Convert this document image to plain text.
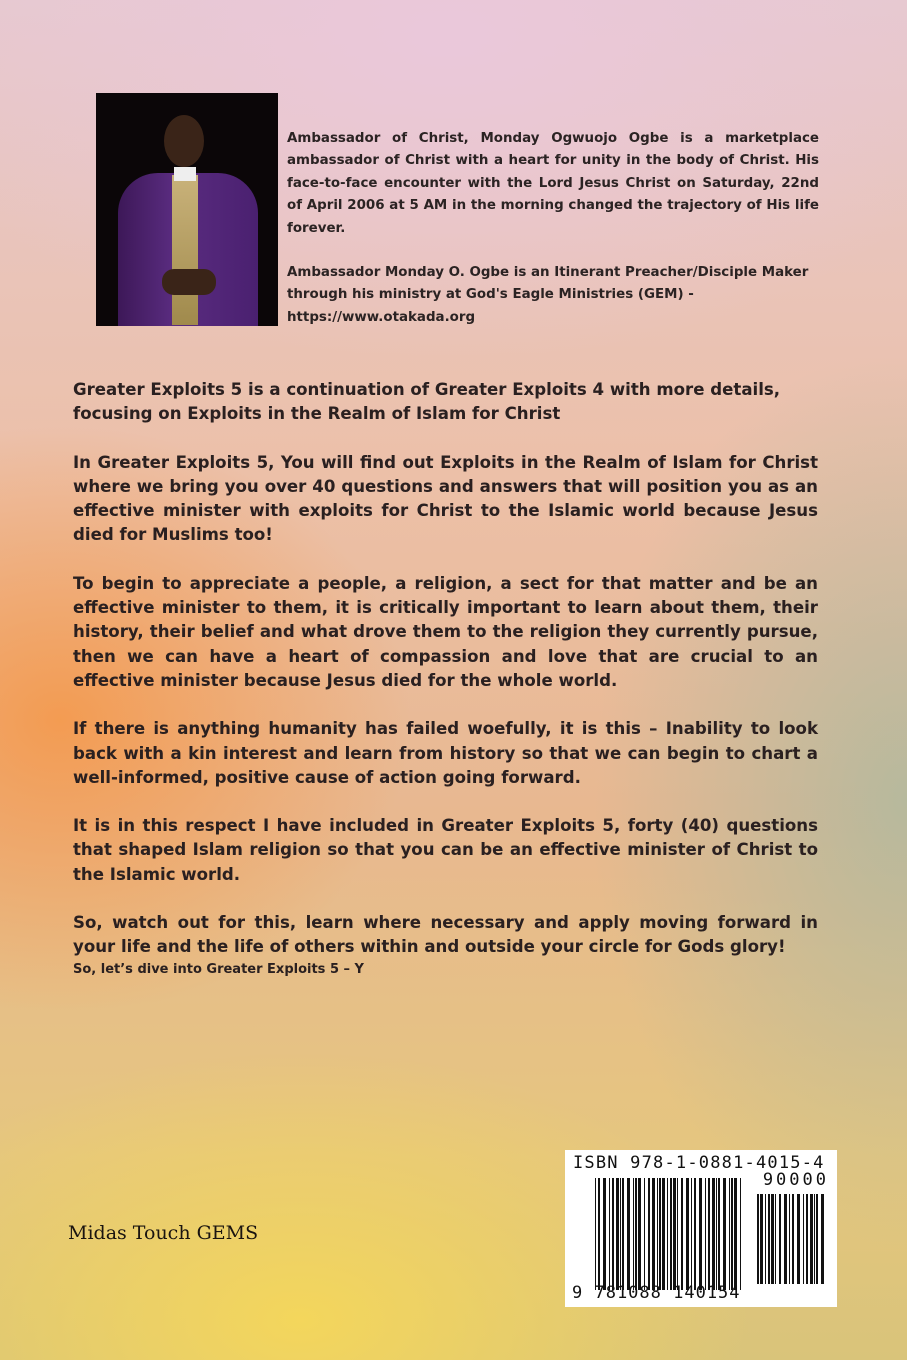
Ambassador of Christ, Monday Ogwuojo Ogbe is a marketplace ambassador of Christ with a heart for unity in the body of Christ. His face-to-face encounter with the Lord Jesus Christ on Saturday, 22nd of April 2006 at 5 AM in the morning changed the trajectory of His life forever.

Ambassador Monday O. Ogbe is an Itinerant Preacher/Disciple Maker through his ministry at God's Eagle Ministries (GEM) - https://www.otakada.org

Greater Exploits 5 is a continuation of Greater Exploits 4 with more details, focusing on Exploits in the Realm of Islam for Christ

In Greater Exploits 5, You will find out Exploits in the Realm of Islam for Christ where we bring you over 40 questions and answers that will position you as an effective minister with exploits for Christ to the Islamic world because Jesus died for Muslims too!

To begin to appreciate a people, a religion, a sect for that matter and be an effective minister to them, it is critically important to learn about them, their history, their belief and what drove them to the religion they currently pursue, then we can have a heart of compassion and love that are crucial to an effective minister because Jesus died for the whole world.

If there is anything humanity has failed woefully, it is this – Inability to look back with a kin interest and learn from history so that we can begin to chart a well-informed, positive cause of action going forward.

It is in this respect I have included in Greater Exploits 5, forty (40) questions that shaped Islam religion so that you can be an effective minister of Christ to the Islamic world.

So, watch out for this, learn where necessary and apply moving forward in your life and the life of others within and outside your circle for Gods glory!

So, let’s dive into Greater Exploits 5 – Y

Midas Touch GEMS
ISBN 978-1-0881-4015-4
90000
9 781088 140154
